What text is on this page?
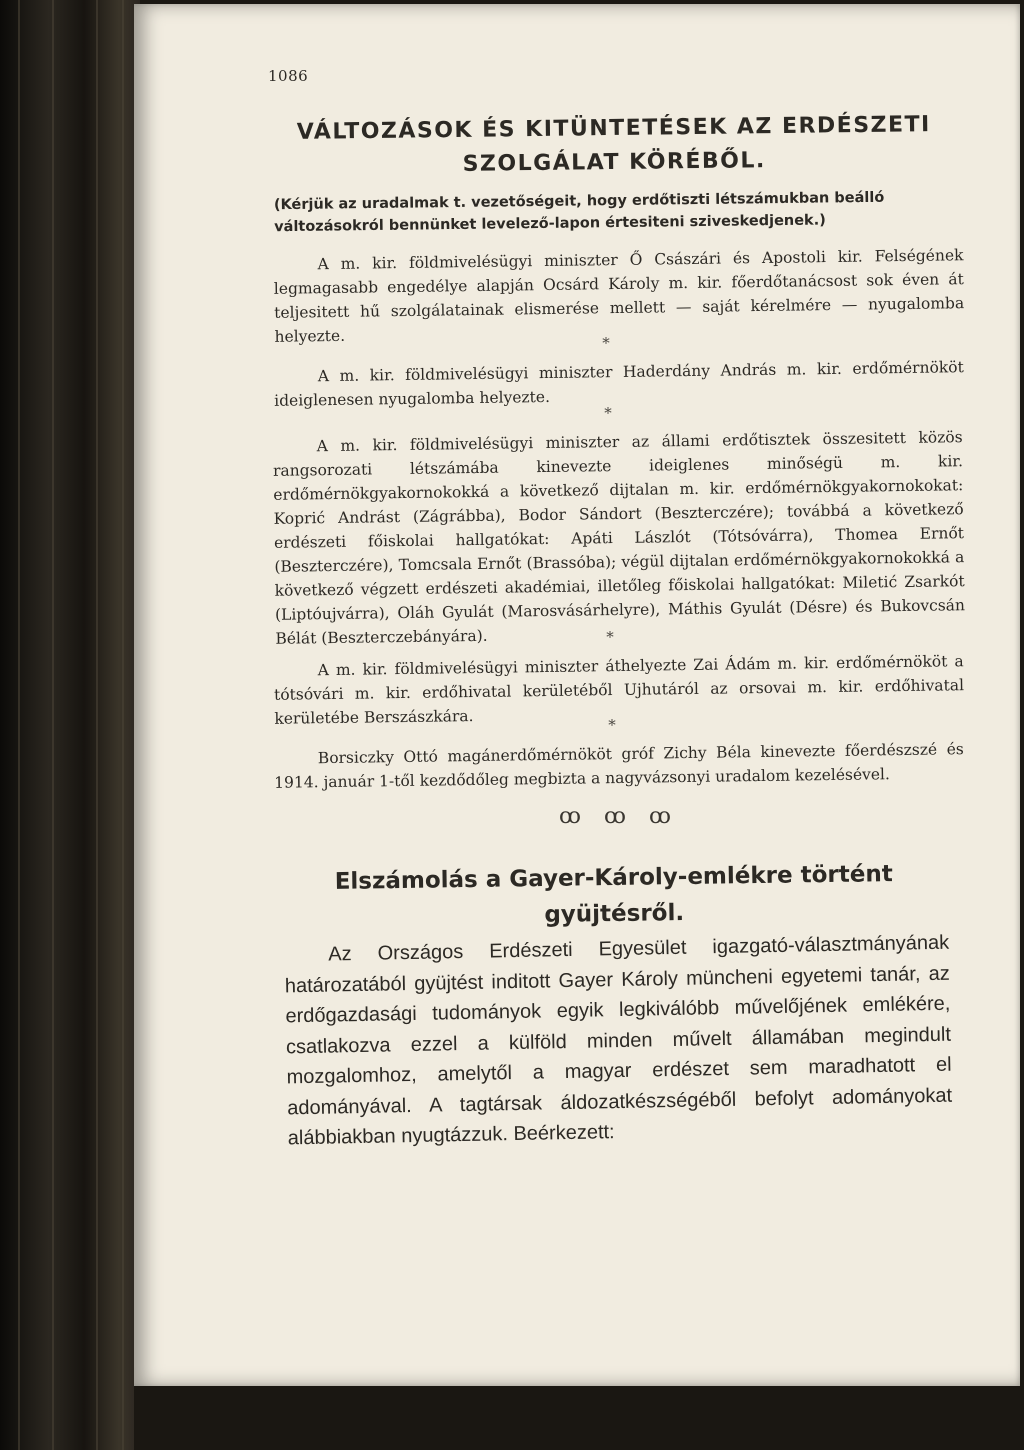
1086
VÁLTOZÁSOK ÉS KITÜNTETÉSEK AZ ERDÉSZETI
SZOLGÁLAT KÖRÉBŐL.
(Kérjük az uradalmak t. vezetőségeit, hogy erdőtiszti létszámukban beálló változásokról bennünket levelező-lapon értesiteni sziveskedjenek.)

A m. kir. földmivelésügyi miniszter Ő Császári és Apostoli kir. Felségének legmagasabb engedélye alapján Ocsárd Károly m. kir. főerdőtanácsost sok éven át teljesitett hű szolgálatainak elismerése mellett — saját kérelmére — nyugalomba helyezte.	*

A m. kir. földmivelésügyi miniszter Haderdány András m. kir. erdőmérnököt ideiglenesen nyugalomba helyezte.

*

A m. kir. földmivelésügyi miniszter az állami erdőtisztek összesitett közös rangsorozati létszámába kinevezte ideiglenes minőségü m. kir. erdőmérnökgyakornokokká a következő dijtalan m. kir. erdőmérnökgyakornokokat: Koprić Andrást (Zágrábba), Bodor Sándort (Beszterczére); továbbá a következő erdészeti főiskolai hallgatókat: Apáti Lászlót (Tótsóvárra), Thomea Ernőt (Beszterczére), Tomcsala Ernőt (Brassóba); végül dijtalan erdőmérnökgyakornokokká a következő végzett erdészeti akadémiai, illetőleg főiskolai hallgatókat: Miletić Zsarkót (Liptóujvárra), Oláh Gyulát (Marosvásárhelyre), Máthis Gyulát (Désre) és Bukovcsán Bélát (Beszterczebányára).	*

A m. kir. földmivelésügyi miniszter áthelyezte Zai Ádám m. kir. erdőmérnököt a tótsóvári m. kir. erdőhivatal kerületéből Ujhutáról az orsovai m. kir. erdőhivatal kerületébe Berszászkára.	*

Borsiczky Ottó magánerdőmérnököt gróf Zichy Béla kinevezte főerdészszé és 1914. január 1-től kezdődőleg megbizta a nagyvázsonyi uradalom kezelésével.

ꝏ ꝏ ꝏ
Elszámolás a Gayer-Károly-emlékre történt
gyüjtésről.

Az Országos Erdészeti Egyesület igazgató-választmányának határozatából gyüjtést inditott Gayer Károly müncheni egyetemi tanár, az erdőgazdasági tudományok egyik legkiválóbb művelőjének emlékére, csatlakozva ezzel a külföld minden művelt államában megindult mozgalomhoz, amelytől a magyar erdészet sem maradhatott el adományával. A tagtársak áldozatkészségéből befolyt adományokat alábbiakban nyugtázzuk. Beérkezett:
